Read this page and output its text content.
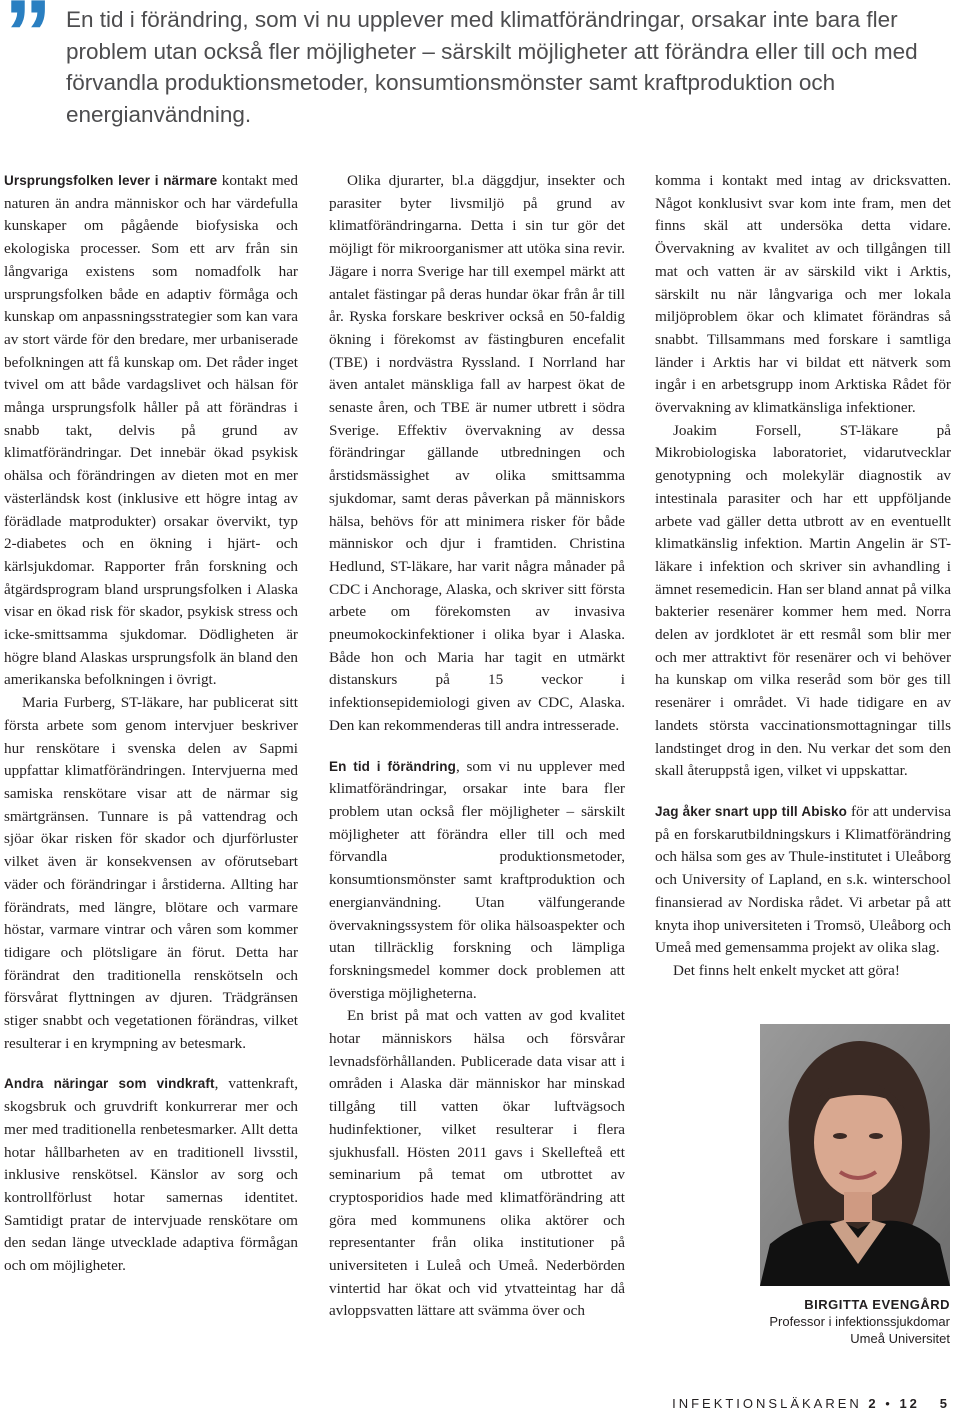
” En tid i förändring, som vi nu upplever med klimatförändringar, orsakar inte bara fler problem utan också fler möjligheter – särskilt möjligheter att förändra eller till och med förvandla produktionsmetoder, konsumtionsmönster samt kraftproduktion och energianvändning.

Ursprungsfolken lever i närmare kontakt med naturen än andra människor och har värdefulla kunskaper om pågående biofysiska och ekologiska processer. Som ett arv från sin långvariga existens som nomadfolk har ursprungsfolken både en adaptiv förmåga och kunskap om anpassningsstrategier som kan vara av stort värde för den bredare, mer urbaniserade befolkningen att få kunskap om. Det råder inget tvivel om att både vardagslivet och hälsan för många ursprungsfolk håller på att förändras i snabb takt, delvis på grund av klimatförändringar. Det innebär ökad psykisk ohälsa och förändringen av dieten mot en mer västerländsk kost (inklusive ett högre intag av förädlade matprodukter) orsakar övervikt, typ 2-diabetes och en ökning i hjärt- och kärlsjukdomar. Rapporter från forskning och åtgärdsprogram bland ursprungsfolken i Alaska visar en ökad risk för skador, psykisk stress och icke-smittsamma sjukdomar. Dödligheten är högre bland Alaskas ursprungsfolk än bland den amerikanska befolkningen i övrigt.

Maria Furberg, ST-läkare, har publicerat sitt första arbete som genom intervjuer beskriver hur renskötare i svenska delen av Sapmi uppfattar klimatförändringen. Intervjuerna med samiska renskötare visar att de närmar sig smärtgränsen. Tunnare is på vattendrag och sjöar ökar risken för skador och djurförluster vilket även är konsekvensen av oförutsebart väder och förändringar i årstiderna. Allting har förändrats, med längre, blötare och varmare höstar, varmare vintrar och våren som kommer tidigare och plötsligare än förut. Detta har förändrat den traditionella renskötseln och försvårat flyttningen av djuren. Trädgränsen stiger snabbt och vegetationen förändras, vilket resulterar i en krympning av betesmark.

Andra näringar som vindkraft, vattenkraft, skogsbruk och gruvdrift konkurrerar mer och mer med traditionella renbetesmarker. Allt detta hotar hållbarheten av en traditionell livsstil, inklusive renskötsel. Känslor av sorg och kontrollförlust hotar samernas identitet. Samtidigt pratar de intervjuade renskötare om den sedan länge utvecklade adaptiva förmågan och om möjligheter.

Olika djurarter, bl.a däggdjur, insekter och parasiter byter livsmiljö på grund av klimatförändringarna. Detta i sin tur gör det möjligt för mikroorganismer att utöka sina revir. Jägare i norra Sverige har till exempel märkt att antalet fästingar på deras hundar ökar från år till år. Ryska forskare beskriver också en 50-faldig ökning i förekomst av fästingburen encefalit (TBE) i nordvästra Ryssland. I Norrland har även antalet mänskliga fall av harpest ökat de senaste åren, och TBE är numer utbrett i södra Sverige. Effektiv övervakning av dessa förändringar gällande utbredningen och årstidsmässighet av olika smittsamma sjukdomar, samt deras påverkan på människors hälsa, behövs för att minimera risker för både människor och djur i framtiden. Christina Hedlund, ST-läkare, har varit några månader på CDC i Anchorage, Alaska, och skriver sitt första arbete om förekomsten av invasiva pneumokockinfektioner i olika byar i Alaska. Både hon och Maria har tagit en utmärkt distanskurs på 15 veckor i infektionsepidemiologi given av CDC, Alaska. Den kan rekommenderas till andra intresserade.

En tid i förändring, som vi nu upplever med klimatförändringar, orsakar inte bara fler problem utan också fler möjligheter – särskilt möjligheter att förändra eller till och med förvandla produktionsmetoder, konsumtionsmönster samt kraftproduktion och energianvändning. Utan välfungerande övervakningssystem för olika hälsoaspekter och utan tillräcklig forskning och lämpliga forskningsmedel kommer dock problemen att överstiga möjligheterna.

En brist på mat och vatten av god kvalitet hotar människors hälsa och försvårar levnadsförhållanden. Publicerade data visar att i områden i Alaska där människor har minskad tillgång till vatten ökar luftvägsoch hudinfektioner, vilket resulterar i flera sjukhusfall. Hösten 2011 gavs i Skellefteå ett seminarium på temat om utbrottet av cryptosporidios hade med klimatförändring att göra med kommunens olika aktörer och representanter från olika institutioner på universiteten i Luleå och Umeå. Nederbörden vintertid har ökat och vid ytvatteintag har då avloppsvatten lättare att svämma över och

komma i kontakt med intag av dricksvatten. Något konklusivt svar kom inte fram, men det finns skäl att undersöka detta vidare. Övervakning av kvalitet av och tillgången till mat och vatten är av särskild vikt i Arktis, särskilt nu när långvariga och mer lokala miljöproblem ökar och klimatet förändras så snabbt. Tillsammans med forskare i samtliga länder i Arktis har vi bildat ett nätverk som ingår i en arbetsgrupp inom Arktiska Rådet för övervakning av klimatkänsliga infektioner.

Joakim Forsell, ST-läkare på Mikrobiologiska laboratoriet, vidarutvecklar genotypning och molekylär diagnostik av intestinala parasiter och har ett uppföljande arbete vad gäller detta utbrott av en eventuellt klimatkänslig infektion. Martin Angelin är ST-läkare i infektion och skriver sin avhandling i ämnet resemedicin. Han ser bland annat på vilka bakterier resenärer kommer hem med. Norra delen av jordklotet är ett resmål som blir mer och mer attraktivt för resenärer och vi behöver ha kunskap om vilka reseråd som bör ges till resenärer i området. Vi hade tidigare en av landets största vaccinationsmottagningar tills landstinget drog in den. Nu verkar det som den skall återuppstå igen, vilket vi uppskattar.

Jag åker snart upp till Abisko för att undervisa på en forskarutbildningskurs i Klimatförändring och hälsa som ges av Thule-institutet i Uleåborg och University of Lapland, en s.k. winterschool finansierad av Nordiska rådet. Vi arbetar på att knyta ihop universiteten i Tromsö, Uleåborg och Umeå med gemensamma projekt av olika slag.

Det finns helt enkelt mycket att göra!

BIRGITTA EVENGÅRD
Professor i infektionssjukdomar
Umeå Universitet
INFEKTIONSLÄKAREN 2 • 12 5
